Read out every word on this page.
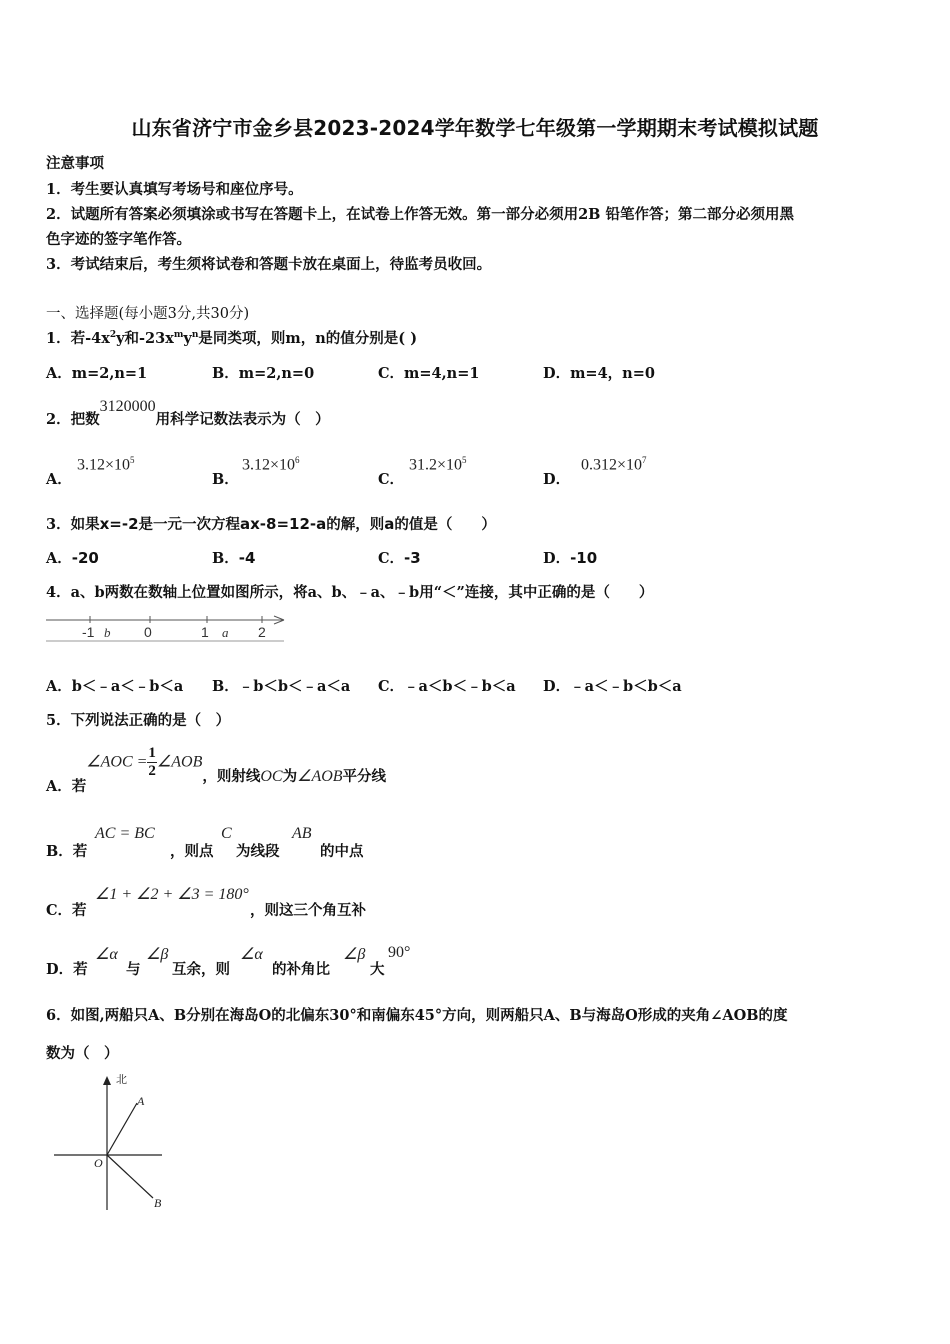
山东省济宁市金乡县2023-2024学年数学七年级第一学期期末考试模拟试题
注意事项
1．考生要认真填写考场号和座位序号。
2．试题所有答案必须填涂或书写在答题卡上，在试卷上作答无效。第一部分必须用2B 铅笔作答；第二部分必须用黑
色字迹的签字笔作答。
3．考试结束后，考生须将试卷和答题卡放在桌面上，待监考员收回。
一、选择题(每小题3分,共30分)
1．若$-4x^2y$和$-23x^my^n$是同类项，则m，n的值分别是( )
A．m=2,n=1	B．m=2,n=0	C．m=4,n=1	D．m=4，n=0
2．把数3120000用科学记数法表示为（　）
A．
$3.12\times 10^5$
B．
$3.12\times 10^6$
C．
$31.2\times 10^5$
D．
$0.312\times 10^7$
3．如果x=-2是一元一次方程ax-8=12-a的解，则a的值是（　　）
A．-20	B．-4	C．-3	D．-10
4．a、b两数在数轴上位置如图所示，将a、b、﹣a、﹣b用“＜”连接，其中正确的是（　　）
-1 b 0	1 a 2
A．b＜﹣a＜﹣b＜a B．﹣b＜b＜﹣a＜a C．﹣a＜b＜﹣b＜a D．﹣a＜﹣b＜b＜a
5．下列说法正确的是（　）
A．若∠AOC = $\frac{1}{2}$ ∠AOB，则射线OC为∠AOB平分线
B．若
AC = BC
，则点
C
为线段
AB
的中点
C．若
∠1 + ∠2 + ∠3 = 180°
，则这三个角互补
D．若
∠α
与
∠β
互余，则
∠α
的补角比
∠β
大
90°
6．如图,两船只A、B分别在海岛O的北偏东30°和南偏东45°方向，则两船只A、B与海岛O形成的夹角∠AOB的度
数为（　）
北
A
B
O
